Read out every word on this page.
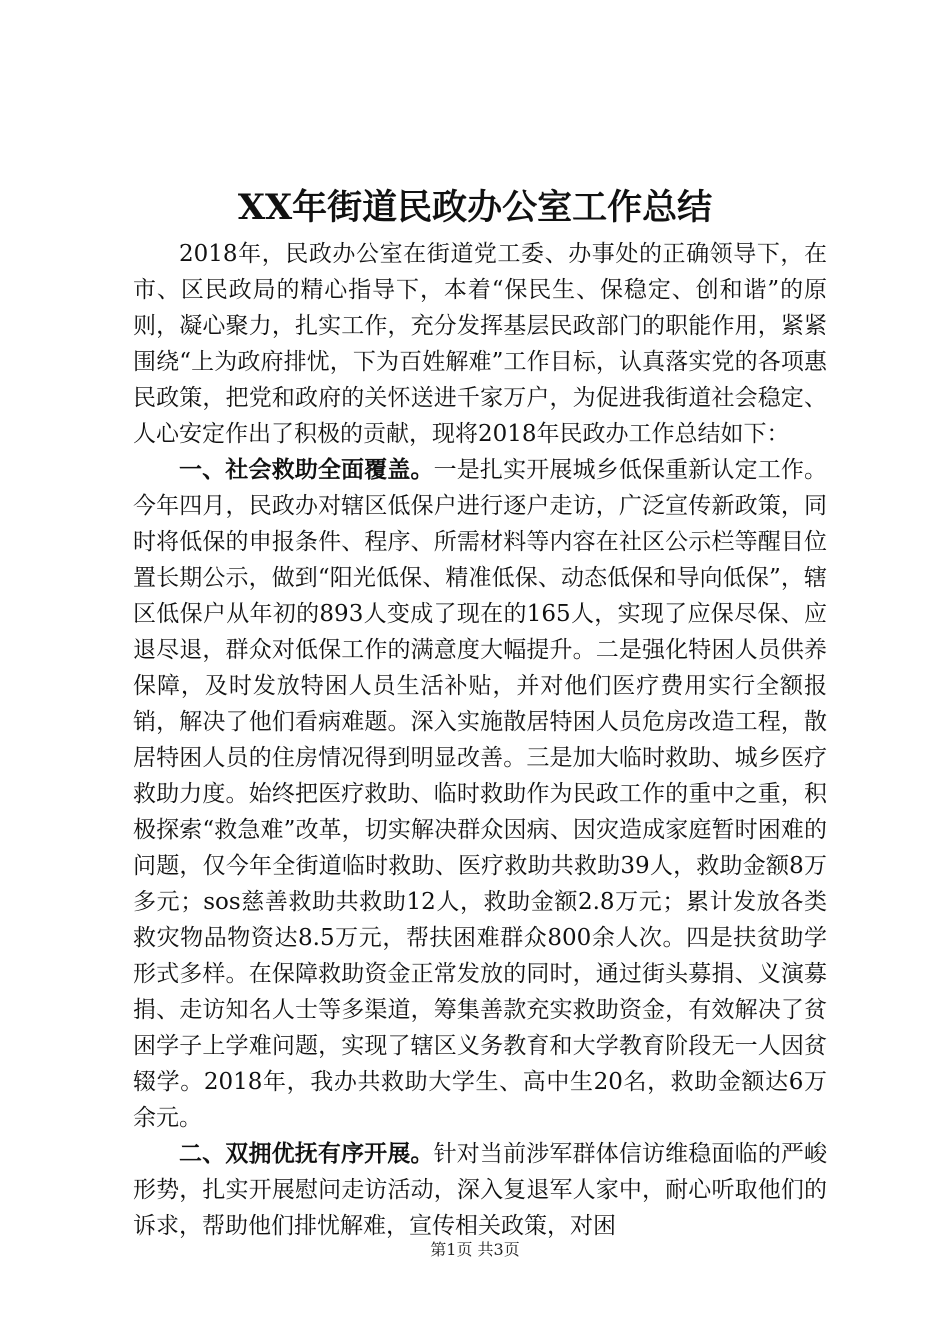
XX年街道民政办公室工作总结

2018年，民政办公室在街道党工委、办事处的正确领导下，在市、区民政局的精心指导下，本着“保民生、保稳定、创和谐”的原则，凝心聚力，扎实工作，充分发挥基层民政部门的职能作用，紧紧围绕“上为政府排忧，下为百姓解难”工作目标，认真落实党的各项惠民政策，把党和政府的关怀送进千家万户，为促进我街道社会稳定、人心安定作出了积极的贡献，现将2018年民政办工作总结如下：

一、社会救助全面覆盖。一是扎实开展城乡低保重新认定工作。今年四月，民政办对辖区低保户进行逐户走访，广泛宣传新政策，同时将低保的申报条件、程序、所需材料等内容在社区公示栏等醒目位置长期公示，做到“阳光低保、精准低保、动态低保和导向低保”，辖区低保户从年初的893人变成了现在的165人，实现了应保尽保、应退尽退，群众对低保工作的满意度大幅提升。二是强化特困人员供养保障，及时发放特困人员生活补贴，并对他们医疗费用实行全额报销，解决了他们看病难题。深入实施散居特困人员危房改造工程，散居特困人员的住房情况得到明显改善。三是加大临时救助、城乡医疗救助力度。始终把医疗救助、临时救助作为民政工作的重中之重，积极探索“救急难”改革，切实解决群众因病、因灾造成家庭暂时困难的问题，仅今年全街道临时救助、医疗救助共救助39人，救助金额8万多元；sos慈善救助共救助12人，救助金额2.8万元；累计发放各类救灾物品物资达8.5万元，帮扶困难群众800余人次。四是扶贫助学形式多样。在保障救助资金正常发放的同时，通过街头募捐、义演募捐、走访知名人士等多渠道，筹集善款充实救助资金，有效解决了贫困学子上学难问题，实现了辖区义务教育和大学教育阶段无一人因贫辍学。2018年，我办共救助大学生、高中生20名，救助金额达6万余元。

二、双拥优抚有序开展。针对当前涉军群体信访维稳面临的严峻形势，扎实开展慰问走访活动，深入复退军人家中，耐心听取他们的诉求，帮助他们排忧解难，宣传相关政策，对困

第1页 共3页
